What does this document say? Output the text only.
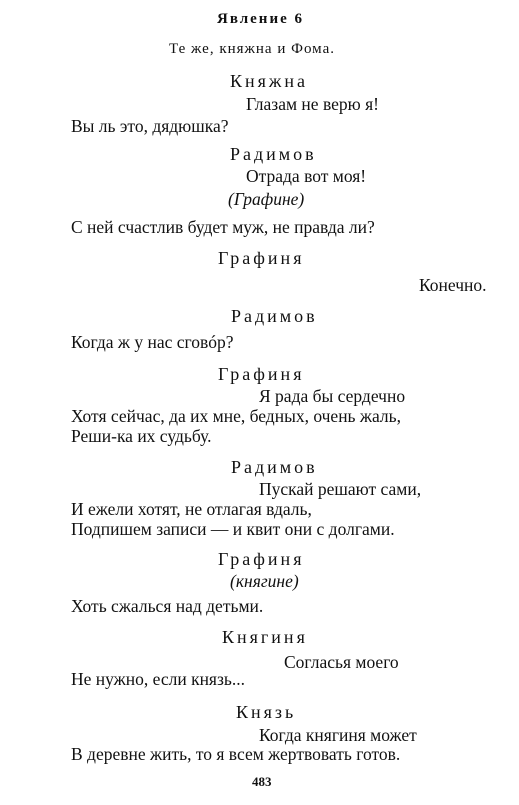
Явление 6
Те же, княжна и Фома.
Княжна
Глазам не верю я!
Вы ль это, дядюшка?
Радимов
Отрада вот моя!
(Графине)
С ней счастлив будет муж, не правда ли?
Графиня
Конечно.
Радимов
Когда ж у нас сговóр?
Графиня
Я рада бы сердечно
Хотя сейчас, да их мне, бедных, очень жаль,
Реши-ка их судьбу.
Радимов
Пускай решают сами,
И ежели хотят, не отлагая вдаль,
Подпишем записи — и квит они с долгами.
Графиня
(княгине)
Хоть сжалься над детьми.
Княгиня
Согласья моего
Не нужно, если князь...
Князь
Когда княгиня может
В деревне жить, то я всем жертвовать готов.
483
